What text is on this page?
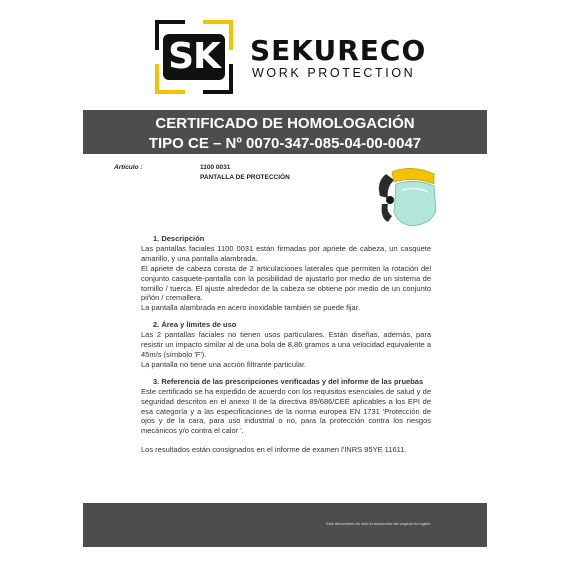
SK SEKURECO
WORK PROTECTION
CERTIFICADO DE HOMOLOGACIÓN
TIPO CE – Nº 0070-347-085-04-00-0047
Artículo :	1100 0031
PANTALLA DE PROTECCIÓN
1. Descripción
Las pantallas faciales 1100 0031 están firmadas por apriete de cabeza, un casquete amarillo, y una pantalla alambrada.
El apriete de cabeza consta de 2 articulaciones laterales que permiten la rotación del conjunto casquete-pantalla con la posibilidad de ajustarlo por medio de un sistema de tornillo / tuerca. El ajuste alrededor de la cabeza se obtiene por medio de un conjunto piñón / cremallera.
La pantalla alambrada en acero inoxidable también se puede fijar.
2. Área y límites de uso
Las 2 pantallas faciales no tienen usos particulares. Están diseñas, además, para resistir un impacto similar al de una bola de 8,86 gramos a una velocidad equivalente a 45m/s (símbolo 'F').
La pantalla no tiene una acción filtrante particular.
3. Referencia de las prescripciones verificadas y del informe de las pruebas
Este certificado se ha expedido de acuerdo con los requisitos esenciales de salud y de seguridad descritos en el anexo II de la directiva 89/686/CEE aplicables a los EPI de esa categoría y a las especificaciones de la norma europea EN 1731 'Protección de ojos y de la cara, para uso industrial o no, para la protección contra los riesgos mecánicos y/o contra el calor '.
Los resultados están consignados en el informe de examen l'INRS 95YE 11611.
Este documento es sólo la traducción del original en inglés.
